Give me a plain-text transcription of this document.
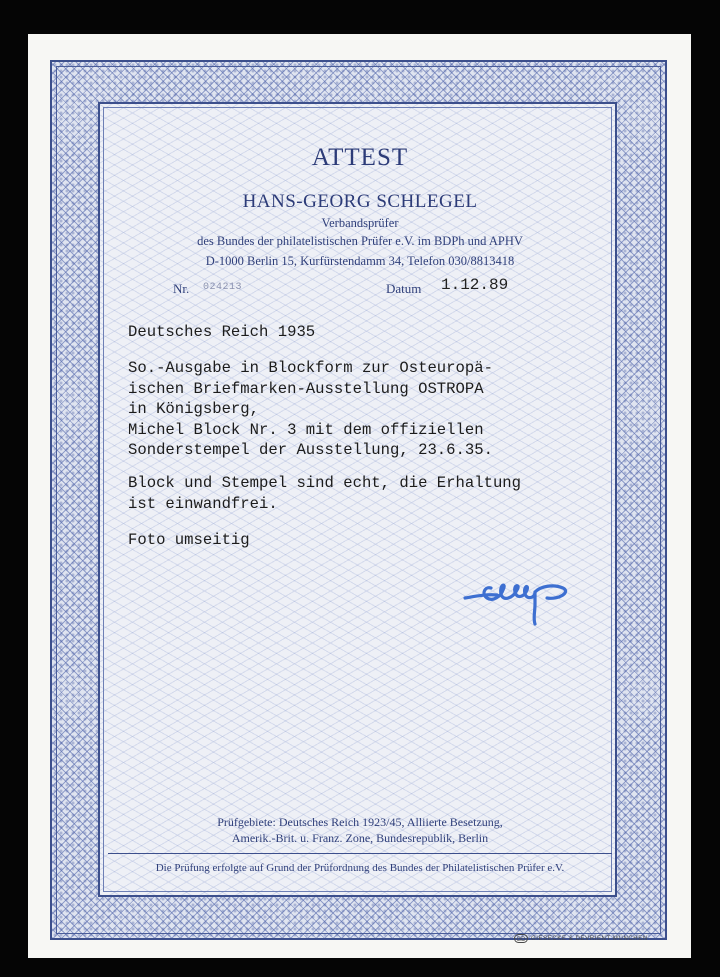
ATTEST
HANS-GEORG SCHLEGEL
Verbandsprüfer
des Bundes der philatelistischen Prüfer e.V. im BDPh und APHV
D-1000 Berlin 15, Kurfürstendamm 34, Telefon 030/8813418
Nr. 024213	Datum 1.12.89
Deutsches Reich 1935
So.-Ausgabe in Blockform zur Osteuropä-
ischen Briefmarken-Ausstellung OSTROPA
in Königsberg,
Michel Block Nr. 3 mit dem offiziellen
Sonderstempel der Ausstellung, 23.6.35.
Block und Stempel sind echt, die Erhaltung
ist einwandfrei.
Foto umseitig
Prüfgebiete: Deutsches Reich 1923/45, Alliierte Besetzung,
Amerik.-Brit. u. Franz. Zone, Bundesrepublik, Berlin
Die Prüfung erfolgte auf Grund der Prüfordnung des Bundes der Philatelistischen Prüfer e.V.
GD GIESECKE & DEVRIENT MÜNCHEN
